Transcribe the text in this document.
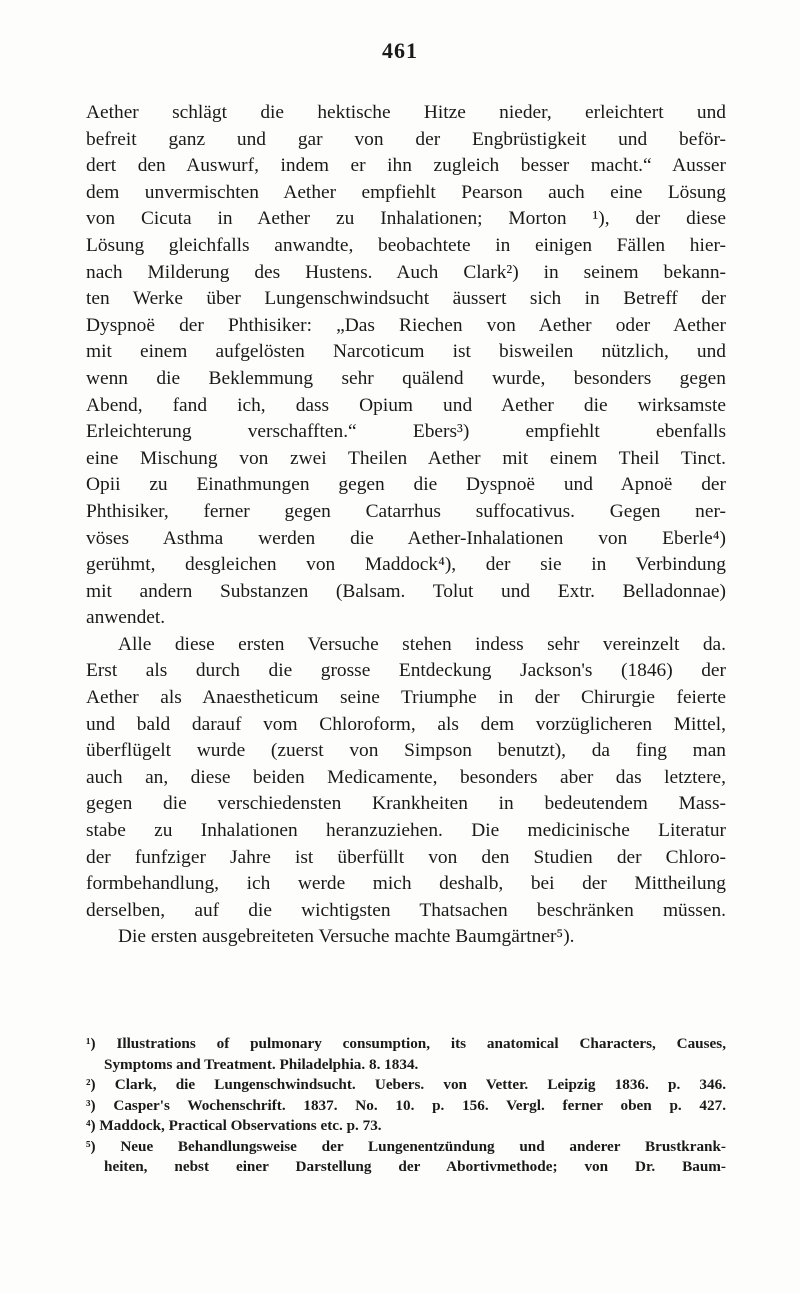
461
Aether schlägt die hektische Hitze nieder, erleichtert und
befreit ganz und gar von der Engbrüstigkeit und beför-
dert den Auswurf, indem er ihn zugleich besser macht.“ Ausser
dem unvermischten Aether empfiehlt Pearson auch eine Lösung
von Cicuta in Aether zu Inhalationen; Morton ¹), der diese
Lösung gleichfalls anwandte, beobachtete in einigen Fällen hier-
nach Milderung des Hustens. Auch Clark²) in seinem bekann-
ten Werke über Lungenschwindsucht äussert sich in Betreff der
Dyspnoë der Phthisiker: „Das Riechen von Aether oder Aether
mit einem aufgelösten Narcoticum ist bisweilen nützlich, und
wenn die Beklemmung sehr quälend wurde, besonders gegen
Abend, fand ich, dass Opium und Aether die wirksamste
Erleichterung verschafften.“ Ebers³) empfiehlt ebenfalls
eine Mischung von zwei Theilen Aether mit einem Theil Tinct.
Opii zu Einathmungen gegen die Dyspnoë und Apnoë der
Phthisiker, ferner gegen Catarrhus suffocativus. Gegen ner-
vöses Asthma werden die Aether-Inhalationen von Eberle⁴)
gerühmt, desgleichen von Maddock⁴), der sie in Verbindung
mit andern Substanzen (Balsam. Tolut und Extr. Belladonnae)
anwendet.
Alle diese ersten Versuche stehen indess sehr vereinzelt da.
Erst als durch die grosse Entdeckung Jackson's (1846) der
Aether als Anaestheticum seine Triumphe in der Chirurgie feierte
und bald darauf vom Chloroform, als dem vorzüglicheren Mittel,
überflügelt wurde (zuerst von Simpson benutzt), da fing man
auch an, diese beiden Medicamente, besonders aber das letztere,
gegen die verschiedensten Krankheiten in bedeutendem Mass-
stabe zu Inhalationen heranzuziehen. Die medicinische Literatur
der funfziger Jahre ist überfüllt von den Studien der Chloro-
formbehandlung, ich werde mich deshalb, bei der Mittheilung
derselben, auf die wichtigsten Thatsachen beschränken müssen.
Die ersten ausgebreiteten Versuche machte Baumgärtner⁵).
¹) Illustrations of pulmonary consumption, its anatomical Characters, Causes,
Symptoms and Treatment. Philadelphia. 8. 1834.
²) Clark, die Lungenschwindsucht. Uebers. von Vetter. Leipzig 1836. p. 346.
³) Casper's Wochenschrift. 1837. No. 10. p. 156. Vergl. ferner oben p. 427.
⁴) Maddock, Practical Observations etc. p. 73.
⁵) Neue Behandlungsweise der Lungenentzündung und anderer Brustkrank-
heiten, nebst einer Darstellung der Abortivmethode; von Dr. Baum-
